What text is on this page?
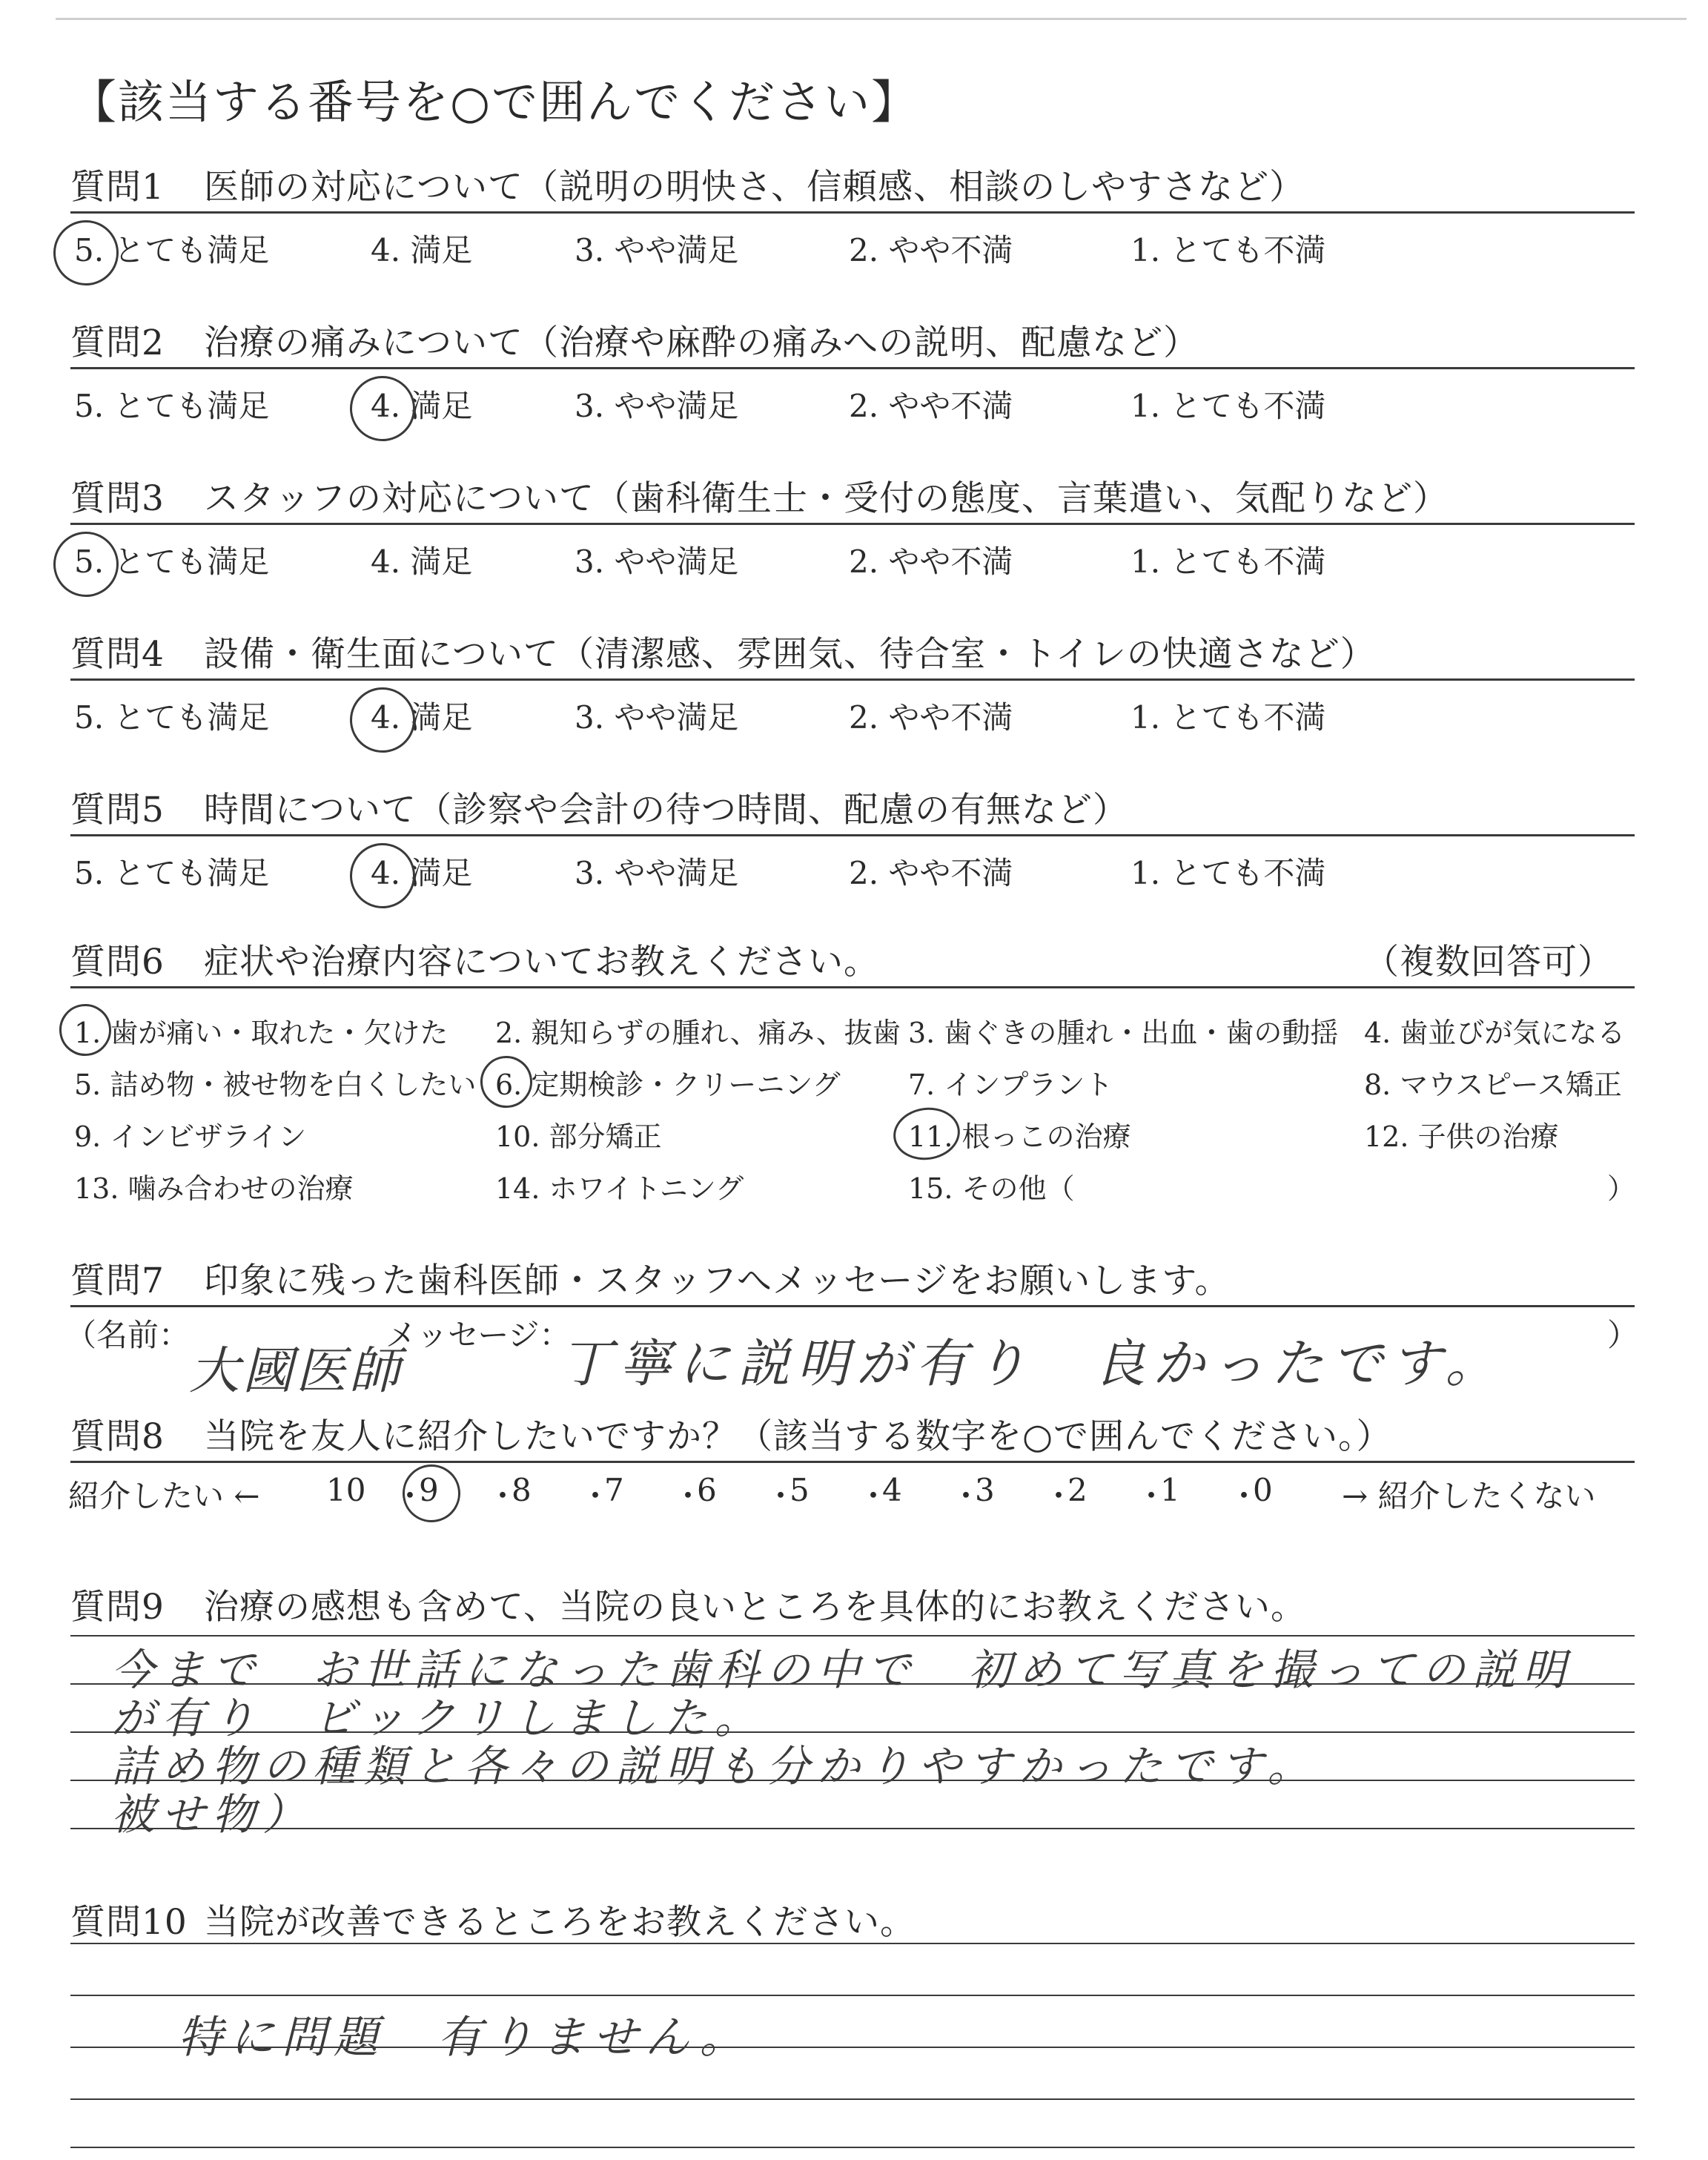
【該当する番号を○で囲んでください】
質問1 医師の対応について（説明の明快さ、信頼感、相談のしやすさなど）
5. とても満足	4. 満足	3. やや満足	2. やや不満	1. とても不満
質問2 治療の痛みについて（治療や麻酔の痛みへの説明、配慮など）
5. とても満足	4. 満足	3. やや満足	2. やや不満	1. とても不満
質問3 スタッフの対応について（歯科衛生士・受付の態度、言葉遣い、気配りなど）
5. とても満足	4. 満足	3. やや満足	2. やや不満	1. とても不満
質問4 設備・衛生面について（清潔感、雰囲気、待合室・トイレの快適さなど）
5. とても満足	4. 満足	3. やや満足	2. やや不満	1. とても不満
質問5 時間について（診察や会計の待つ時間、配慮の有無など）
5. とても満足	4. 満足	3. やや満足	2. やや不満	1. とても不満
質問6 症状や治療内容についてお教えください。	（複数回答可）
1. 歯が痛い・取れた・欠けた 2. 親知らずの腫れ、痛み、抜歯 3. 歯ぐきの腫れ・出血・歯の動揺 4. 歯並びが気になる
5. 詰め物・被せ物を白くしたい 6. 定期検診・クリーニング 7. インプラント	8. マウスピース矯正
9. インビザライン	10. 部分矯正	11. 根っこの治療	12. 子供の治療
13. 噛み合わせの治療	14. ホワイトニング	15. その他（	）
質問7 印象に残った歯科医師・スタッフへメッセージをお願いします。
（名前：
大國医師
メッセージ：
丁寧に説明が有り　良かったです。	）
質問8 当院を友人に紹介したいですか？（該当する数字を○で囲んでください。）
紹介したい ←	→ 紹介したくない
10 ・
9 ・
8 ・
7 ・
6 ・
5 ・
4 ・
3 ・
2 ・
1 ・
0
質問9 治療の感想も含めて、当院の良いところを具体的にお教えください。
今まで　お世話になった歯科の中で　初めて写真を撮っての説明
が有り　ビックリしました。
詰め物の種類と各々の説明も分かりやすかったです。
被せ物）
質問10 当院が改善できるところをお教えください。
特に問題　有りません。
